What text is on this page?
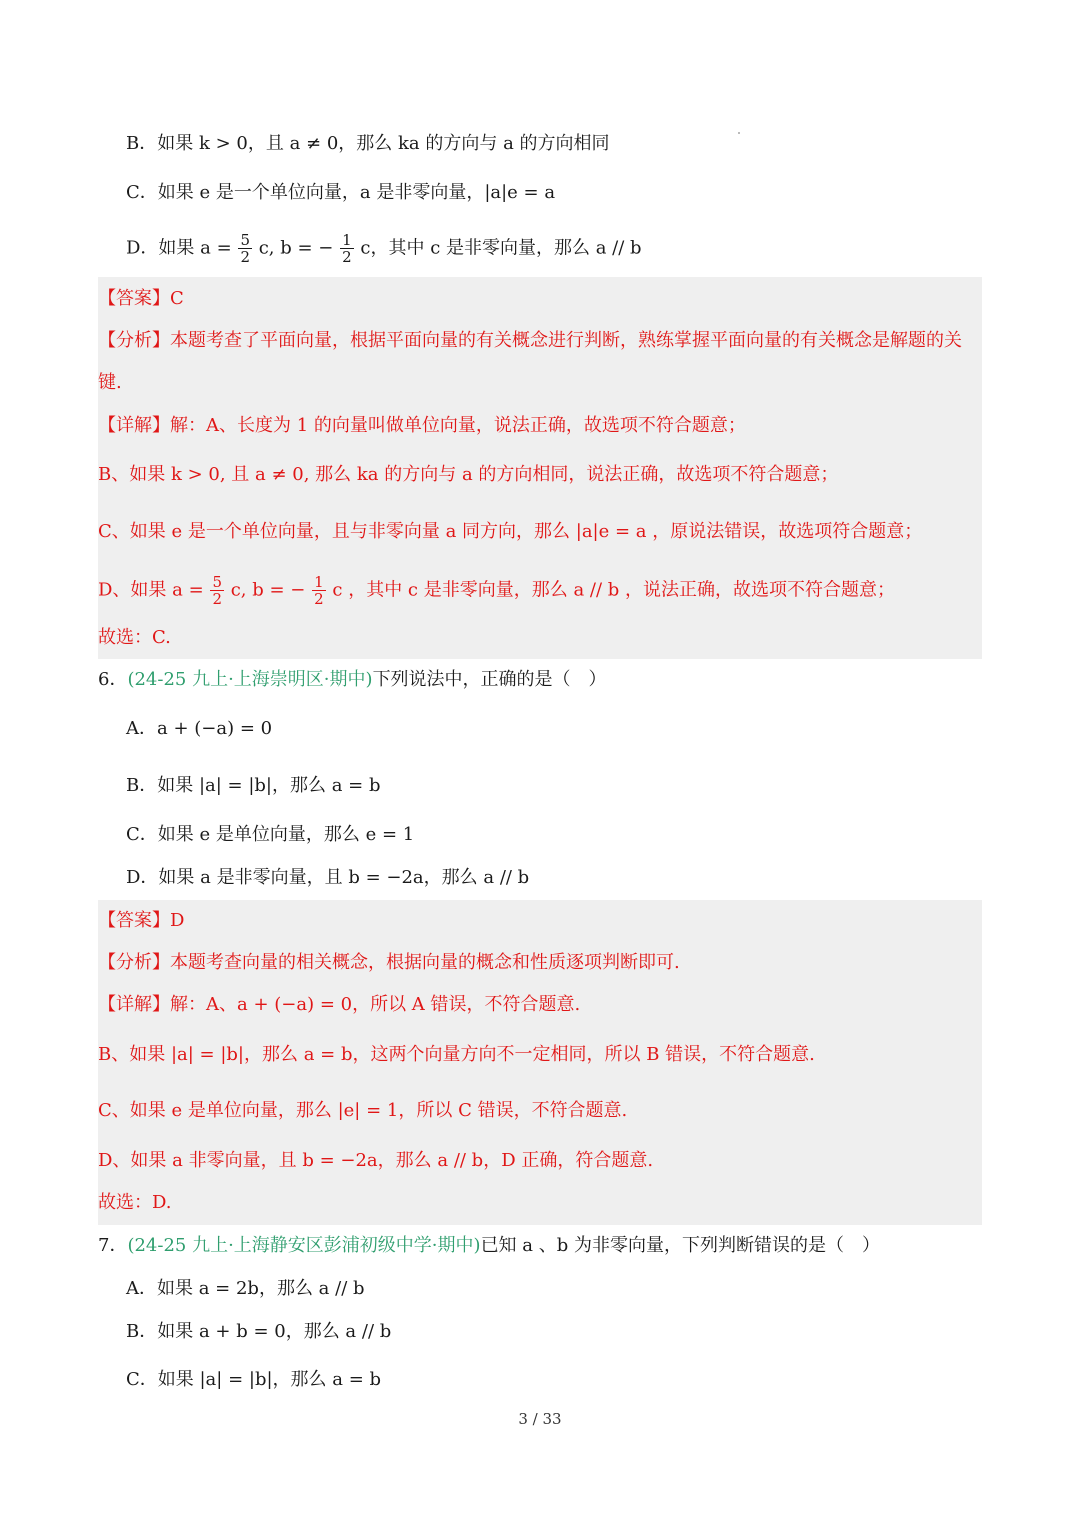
B．如果 k > 0，且 a ≠ 0，那么 ka 的方向与 a 的方向相同
C．如果 e 是一个单位向量，a 是非零向量，|a|e = a
D．如果 $a = \frac{5}{2} c$, b = − $\frac{1}{2}$ c，其中 c 是非零向量，那么 a // b
【答案】C
【分析】本题考查了平面向量，根据平面向量的有关概念进行判断，熟练掌握平面向量的有关概念是解题的关键.
【详解】解：A、长度为 1 的向量叫做单位向量，说法正确，故选项不符合题意；
B、如果 k > 0, 且 a ≠ 0, 那么 ka 的方向与 a 的方向相同，说法正确，故选项不符合题意；
C、如果 e 是一个单位向量，且与非零向量 a 同方向，那么 |a|e = a ，原说法错误，故选项符合题意；
D、如果 $a = \frac{5}{2} c$, b = − $\frac{1}{2}$ c ，其中 c 是非零向量，那么 a // b ，说法正确，故选项不符合题意；
故选：C.
6．(24-25 九上·上海崇明区·期中)下列说法中，正确的是（　）
A．a + (−a) = 0
B．如果 |a| = |b|，那么 a = b
C．如果 e 是单位向量，那么 e = 1
D．如果 a 是非零向量，且 b = −2a，那么 a // b
【答案】D
【分析】本题考查向量的相关概念，根据向量的概念和性质逐项判断即可.
【详解】解：A、a + (−a) = 0，所以 A 错误，不符合题意.
B、如果 |a| = |b|，那么 a = b，这两个向量方向不一定相同，所以 B 错误，不符合题意.
C、如果 e 是单位向量，那么 |e| = 1，所以 C 错误，不符合题意.
D、如果 a 非零向量，且 b = −2a，那么 a // b，D 正确，符合题意.
故选：D.
7．(24-25 九上·上海静安区彭浦初级中学·期中)已知 a 、b 为非零向量，下列判断错误的是（　）
A．如果 a = 2b，那么 a // b
B．如果 a + b = 0，那么 a // b
C．如果 |a| = |b|，那么 a = b
3 / 33
